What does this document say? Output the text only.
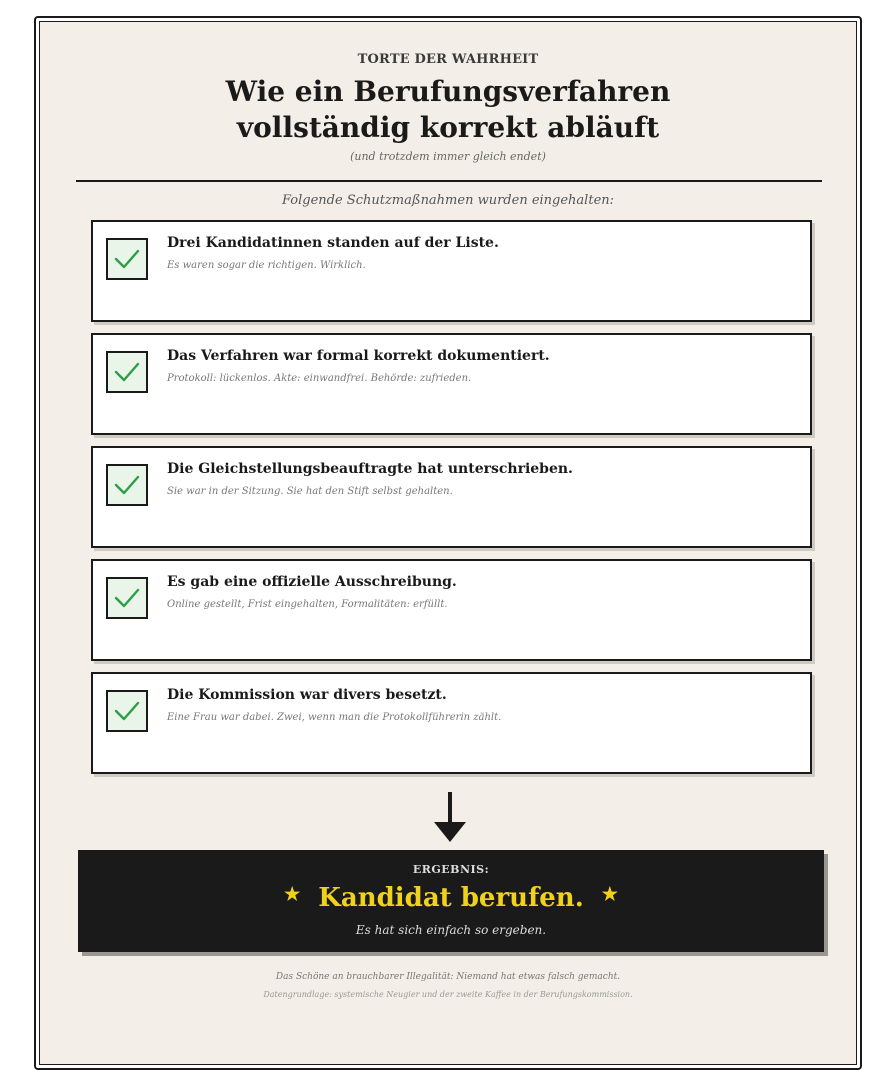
TORTE DER WAHRHEIT
Wie ein Berufungsverfahren
vollständig korrekt abläuft
(und trotzdem immer gleich endet)
Folgende Schutzmaßnahmen wurden eingehalten:
Drei Kandidatinnen standen auf der Liste.
Es waren sogar die richtigen. Wirklich.
Das Verfahren war formal korrekt dokumentiert.
Protokoll: lückenlos. Akte: einwandfrei. Behörde: zufrieden.
Die Gleichstellungsbeauftragte hat unterschrieben.
Sie war in der Sitzung. Sie hat den Stift selbst gehalten.
Es gab eine offizielle Ausschreibung.
Online gestellt, Frist eingehalten, Formalitäten: erfüllt.
Die Kommission war divers besetzt.
Eine Frau war dabei. Zwei, wenn man die Protokollführerin zählt.
ERGEBNIS:
★ Kandidat berufen. ★
Es hat sich einfach so ergeben.
Das Schöne an brauchbarer Illegalität: Niemand hat etwas falsch gemacht.
Datengrundlage: systemische Neugier und der zweite Kaffee in der Berufungskommission.
